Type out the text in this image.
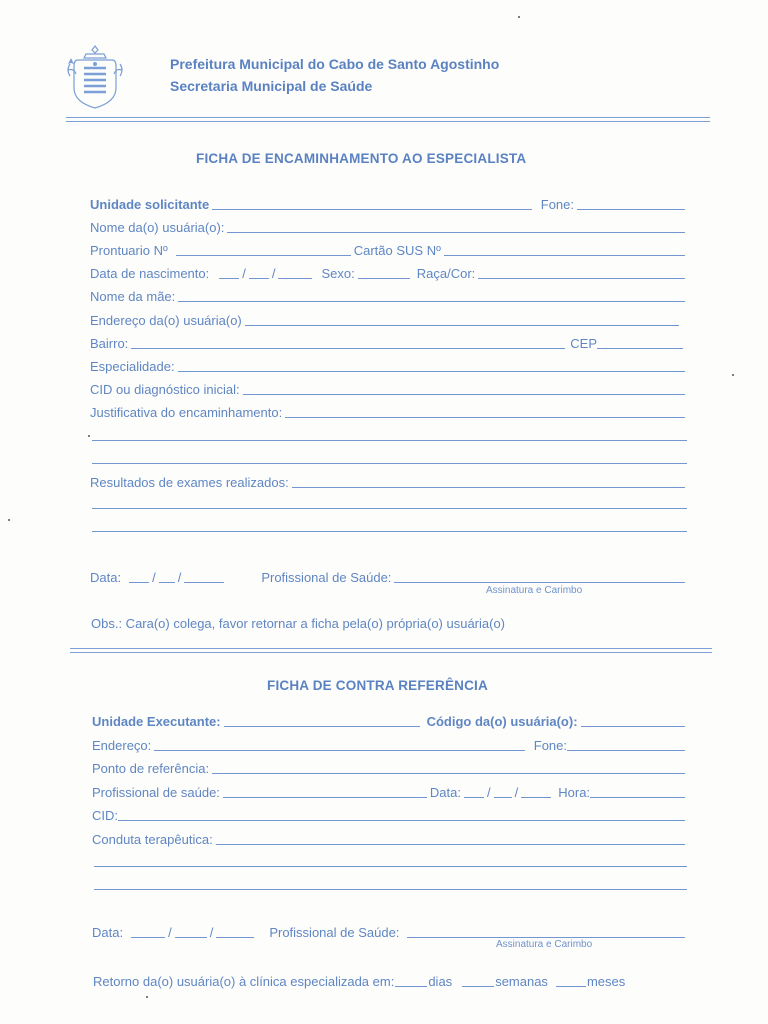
Prefeitura Municipal do Cabo de Santo Agostinho
Secretaria Municipal de Saúde
FICHA DE ENCAMINHAMENTO AO ESPECIALISTA
Unidade solicitante	Fone:
Nome da(o) usuária(o):
Prontuario Nº	Cartão SUS Nº
Data de nascimento:	/ /	Sexo:	Raça/Cor:
Nome da mãe:
Endereço da(o) usuária(o)
Bairro:	CEP
Especialidade:
CID ou diagnóstico inicial:
Justificativa do encaminhamento:
Resultados de exames realizados:
Data: / /	Profissional de Saúde:
Assinatura e Carimbo
Obs.: Cara(o) colega, favor retornar a ficha pela(o) própria(o) usuária(o)
FICHA DE CONTRA REFERÊNCIA
Unidade Executante:	Código da(o) usuária(o):
Endereço:	Fone:
Ponto de referência:
Profissional de saúde:	Data: / /	Hora:
CID:
Conduta terapêutica:
Data:	/	/	Profissional de Saúde:
Assinatura e Carimbo
Retorno da(o) usuária(o) à clínica especializada em:	dias	semanas	meses
